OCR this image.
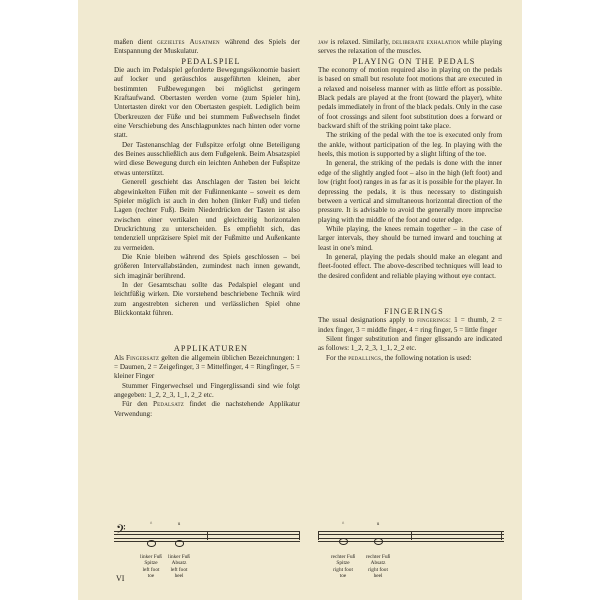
maßen dient gezieltes Ausatmen während des Spiels der Entspannung der Muskulatur.

PEDALSPIEL

Die auch im Pedalspiel geforderte Bewegungsökonomie basiert auf locker und geräuschlos ausgeführten kleinen, aber bestimmten Fußbewegungen bei möglichst geringem Kraftaufwand. Obertasten werden vorne (zum Spieler hin), Untertasten direkt vor den Obertasten gespielt. Lediglich beim Überkreuzen der Füße und bei stummem Fußwechseln findet eine Verschiebung des Anschlagpunktes nach hinten oder vorne statt.

Der Tastenanschlag der Fußspitze erfolgt ohne Beteiligung des Beines ausschließlich aus dem Fußgelenk. Beim Absatzspiel wird diese Bewegung durch ein leichten Anheben der Fußspitze etwas unterstützt.

Generell geschieht das Anschlagen der Tasten bei leicht abgewinkelten Füßen mit der Fußinnenkante – soweit es dem Spieler möglich ist auch in den hohen (linker Fuß) und tiefen Lagen (rechter Fuß). Beim Niederdrücken der Tasten ist also zwischen einer vertikalen und gleichzeitig horizontalen Druckrichtung zu unterscheiden. Es empfiehlt sich, das tendenziell unpräzisere Spiel mit der Fußmitte und Außenkante zu vermeiden.

Die Knie bleiben während des Spiels geschlossen – bei größeren Intervallabständen, zumindest nach innen gewandt, sich imaginär berührend.

In der Gesamtschau sollte das Pedalspiel elegant und leichtfüßig wirken. Die vorstehend beschriebene Technik wird zum angestrebten sicheren und verlässlichen Spiel ohne Blickkontakt führen.

APPLIKATUREN

Als Fingersatz gelten die allgemein üblichen Bezeichnungen: 1 = Daumen, 2 = Zeigefinger, 3 = Mittelfinger, 4 = Ringfinger, 5 = kleiner Finger

Stummer Fingerwechsel und Fingerglissandi sind wie folgt angegeben: 1_2, 2_3, 1_1, 2_2 etc.

Für den Pedalsatz findet die nachstehende Applikatur Verwendung:

jaw is relaxed. Similarly, deliberate exhalation while playing serves the relaxation of the muscles.

PLAYING ON THE PEDALS

The economy of motion required also in playing on the pedals is based on small but resolute foot motions that are executed in a relaxed and noiseless manner with as little effort as possible. Black pedals are played at the front (toward the player), white pedals immediately in front of the black pedals. Only in the case of foot crossings and silent foot substitution does a forward or backward shift of the striking point take place.

The striking of the pedal with the toe is executed only from the ankle, without participation of the leg. In playing with the heels, this motion is supported by a slight lifting of the toe.

In general, the striking of the pedals is done with the inner edge of the slightly angled foot – also in the high (left foot) and low (right foot) ranges in as far as it is possible for the player. In depressing the pedals, it is thus necessary to distinguish between a vertical and simultaneous horizontal direction of the pressure. It is advisable to avoid the generally more imprecise playing with the middle of the foot and outer edge.

While playing, the knees remain together – in the case of larger intervals, they should be turned inward and touching at least in one's mind.

In general, playing the pedals should make an elegant and fleet-footed effect. The above-described techniques will lead to the desired confident and reliable playing without eye contact.

FINGERINGS

The usual designations apply to fingerings: 1 = thumb, 2 = index finger, 3 = middle finger, 4 = ring finger, 5 = little finger

Silent finger substitution and finger glissando are indicated as follows: 1_2, 2_3, 1_1, 2_2 etc.

For the pedallings, the following notation is used:

𝄢	^	u
linker Fuß
Spitze
left foot
toe
linker Fuß
Absatz
left foot
heel
^	u
rechter Fuß
Spitze
right foot
toe
rechter Fuß
Absatz
right foot
heel
VI
